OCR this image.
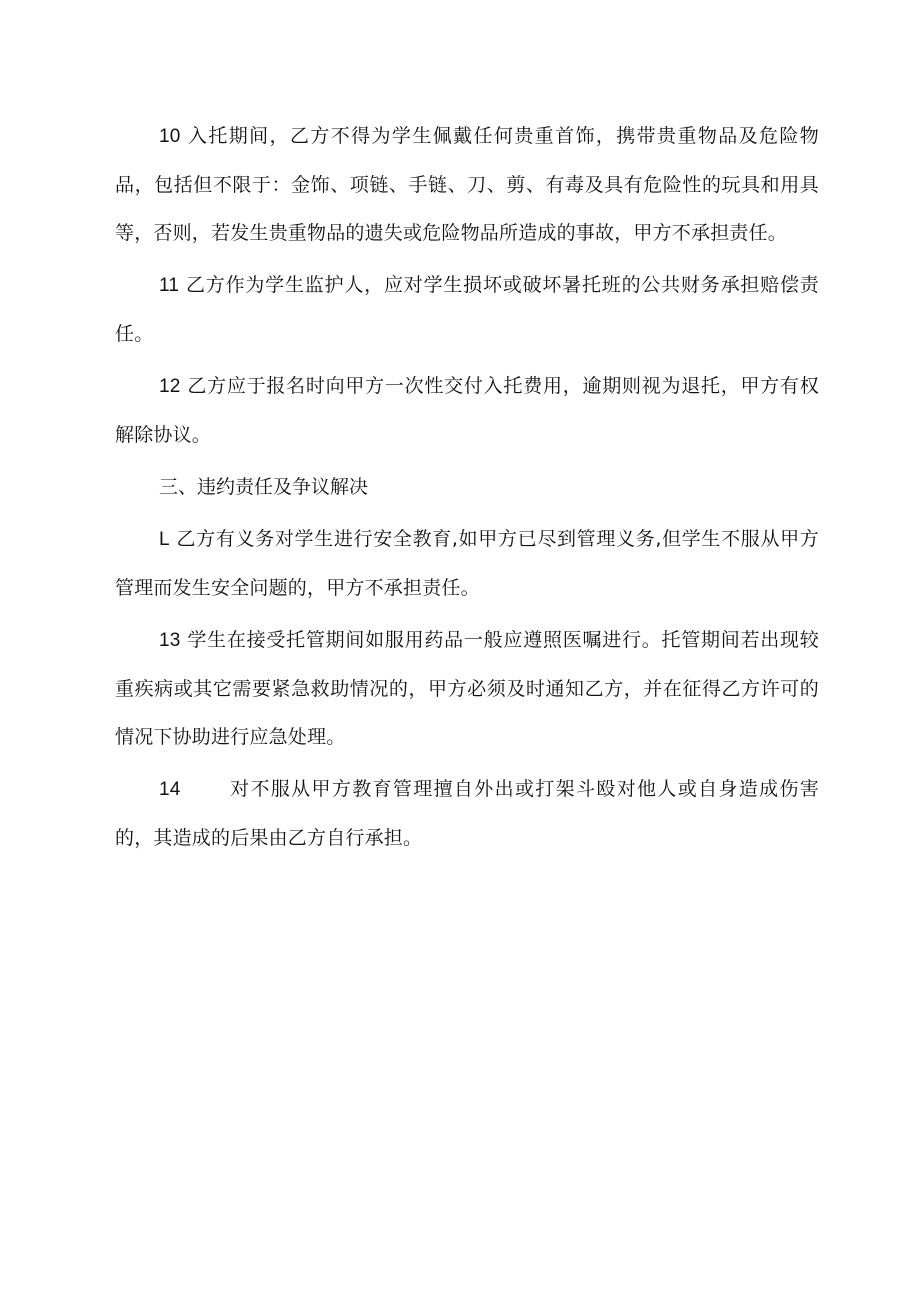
10 入托期间，乙方不得为学生佩戴任何贵重首饰，携带贵重物品及危险物品，包括但不限于：金饰、项链、手链、刀、剪、有毒及具有危险性的玩具和用具等，否则，若发生贵重物品的遗失或危险物品所造成的事故，甲方不承担责任。

11 乙方作为学生监护人，应对学生损坏或破坏暑托班的公共财务承担赔偿责任。

12 乙方应于报名时向甲方一次性交付入托费用，逾期则视为退托，甲方有权解除协议。

三、违约责任及争议解决

L 乙方有义务对学生进行安全教育,如甲方已尽到管理义务,但学生不服从甲方管理而发生安全问题的，甲方不承担责任。

13 学生在接受托管期间如服用药品一般应遵照医嘱进行。托管期间若出现较重疾病或其它需要紧急救助情况的，甲方必须及时通知乙方，并在征得乙方许可的情况下协助进行应急处理。

14	对不服从甲方教育管理擅自外出或打架斗殴对他人或自身造成伤害的，其造成的后果由乙方自行承担。
